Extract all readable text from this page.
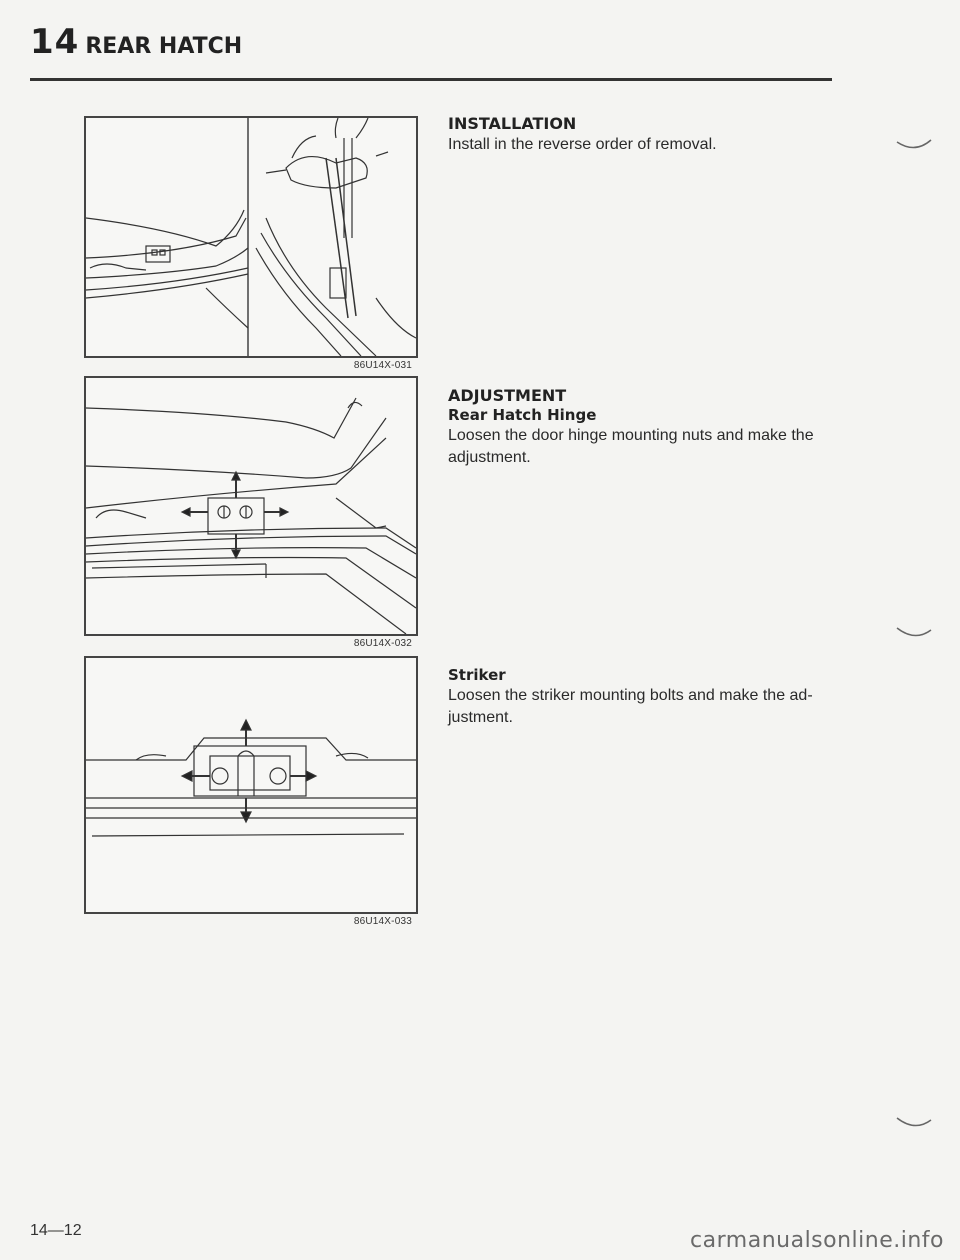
14 REAR HATCH
86U14X-031
86U14X-032
86U14X-033
INSTALLATION

Install in the reverse order of removal.

ADJUSTMENT
Rear Hatch Hinge

Loosen the door hinge mounting nuts and make the adjustment.

Striker

Loosen the striker mounting bolts and make the ad-justment.

14—12	carmanualsonline.info
